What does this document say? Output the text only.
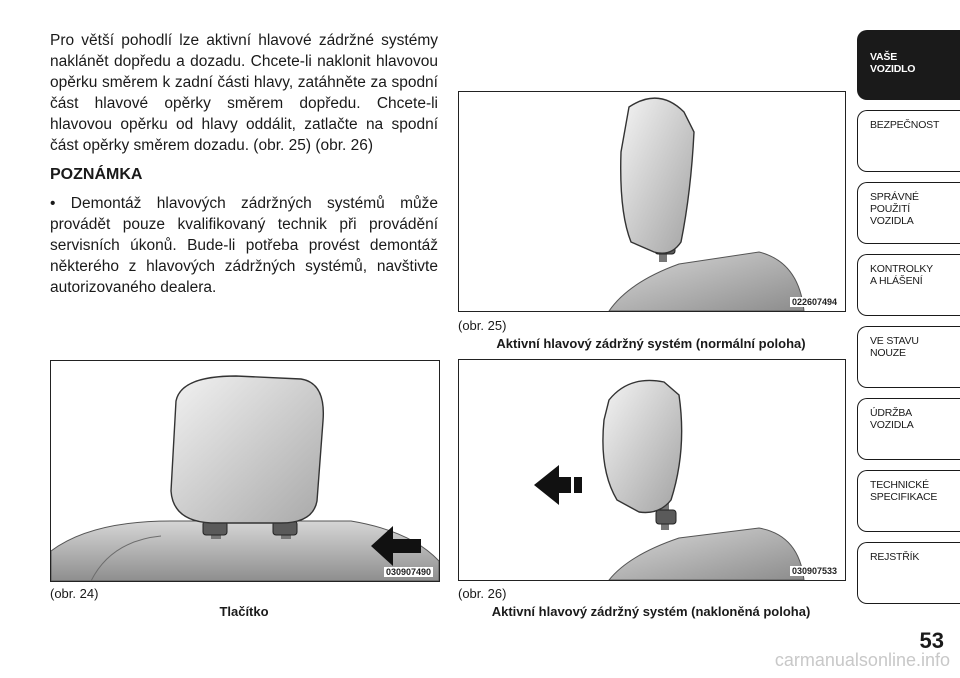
Pro větší pohodlí lze aktivní hlavové zádržné systémy naklánět dopředu a dozadu. Chcete-li naklonit hlavovou opěrku směrem k zadní části hlavy, zatáhněte za spodní část hlavové opěrky směrem dopředu. Chcete-li hlavovou opěrku od hlavy oddálit, zatlačte na spodní část opěrky směrem dozadu. (obr. 25) (obr. 26)

POZNÁMKA

• Demontáž hlavových zádržných systémů může provádět pouze kvalifikovaný technik při provádění servisních úkonů. Bude-li potřeba provést demontáž některého z hlavových zádržných systémů, navštivte autorizovaného dealera.

030907490
(obr. 24)
Tlačítko
022607494
(obr. 25)
Aktivní hlavový zádržný systém (normální poloha)
030907533
(obr. 26)
Aktivní hlavový zádržný systém (nakloněná poloha)
VAŠE
VOZIDLO
BEZPEČNOST
SPRÁVNÉ
POUŽITÍ
VOZIDLA
KONTROLKY
A HLÁŠENÍ
VE STAVU
NOUZE
ÚDRŽBA
VOZIDLA
TECHNICKÉ
SPECIFIKACE
REJSTŘÍK
53
carmanualsonline.info
